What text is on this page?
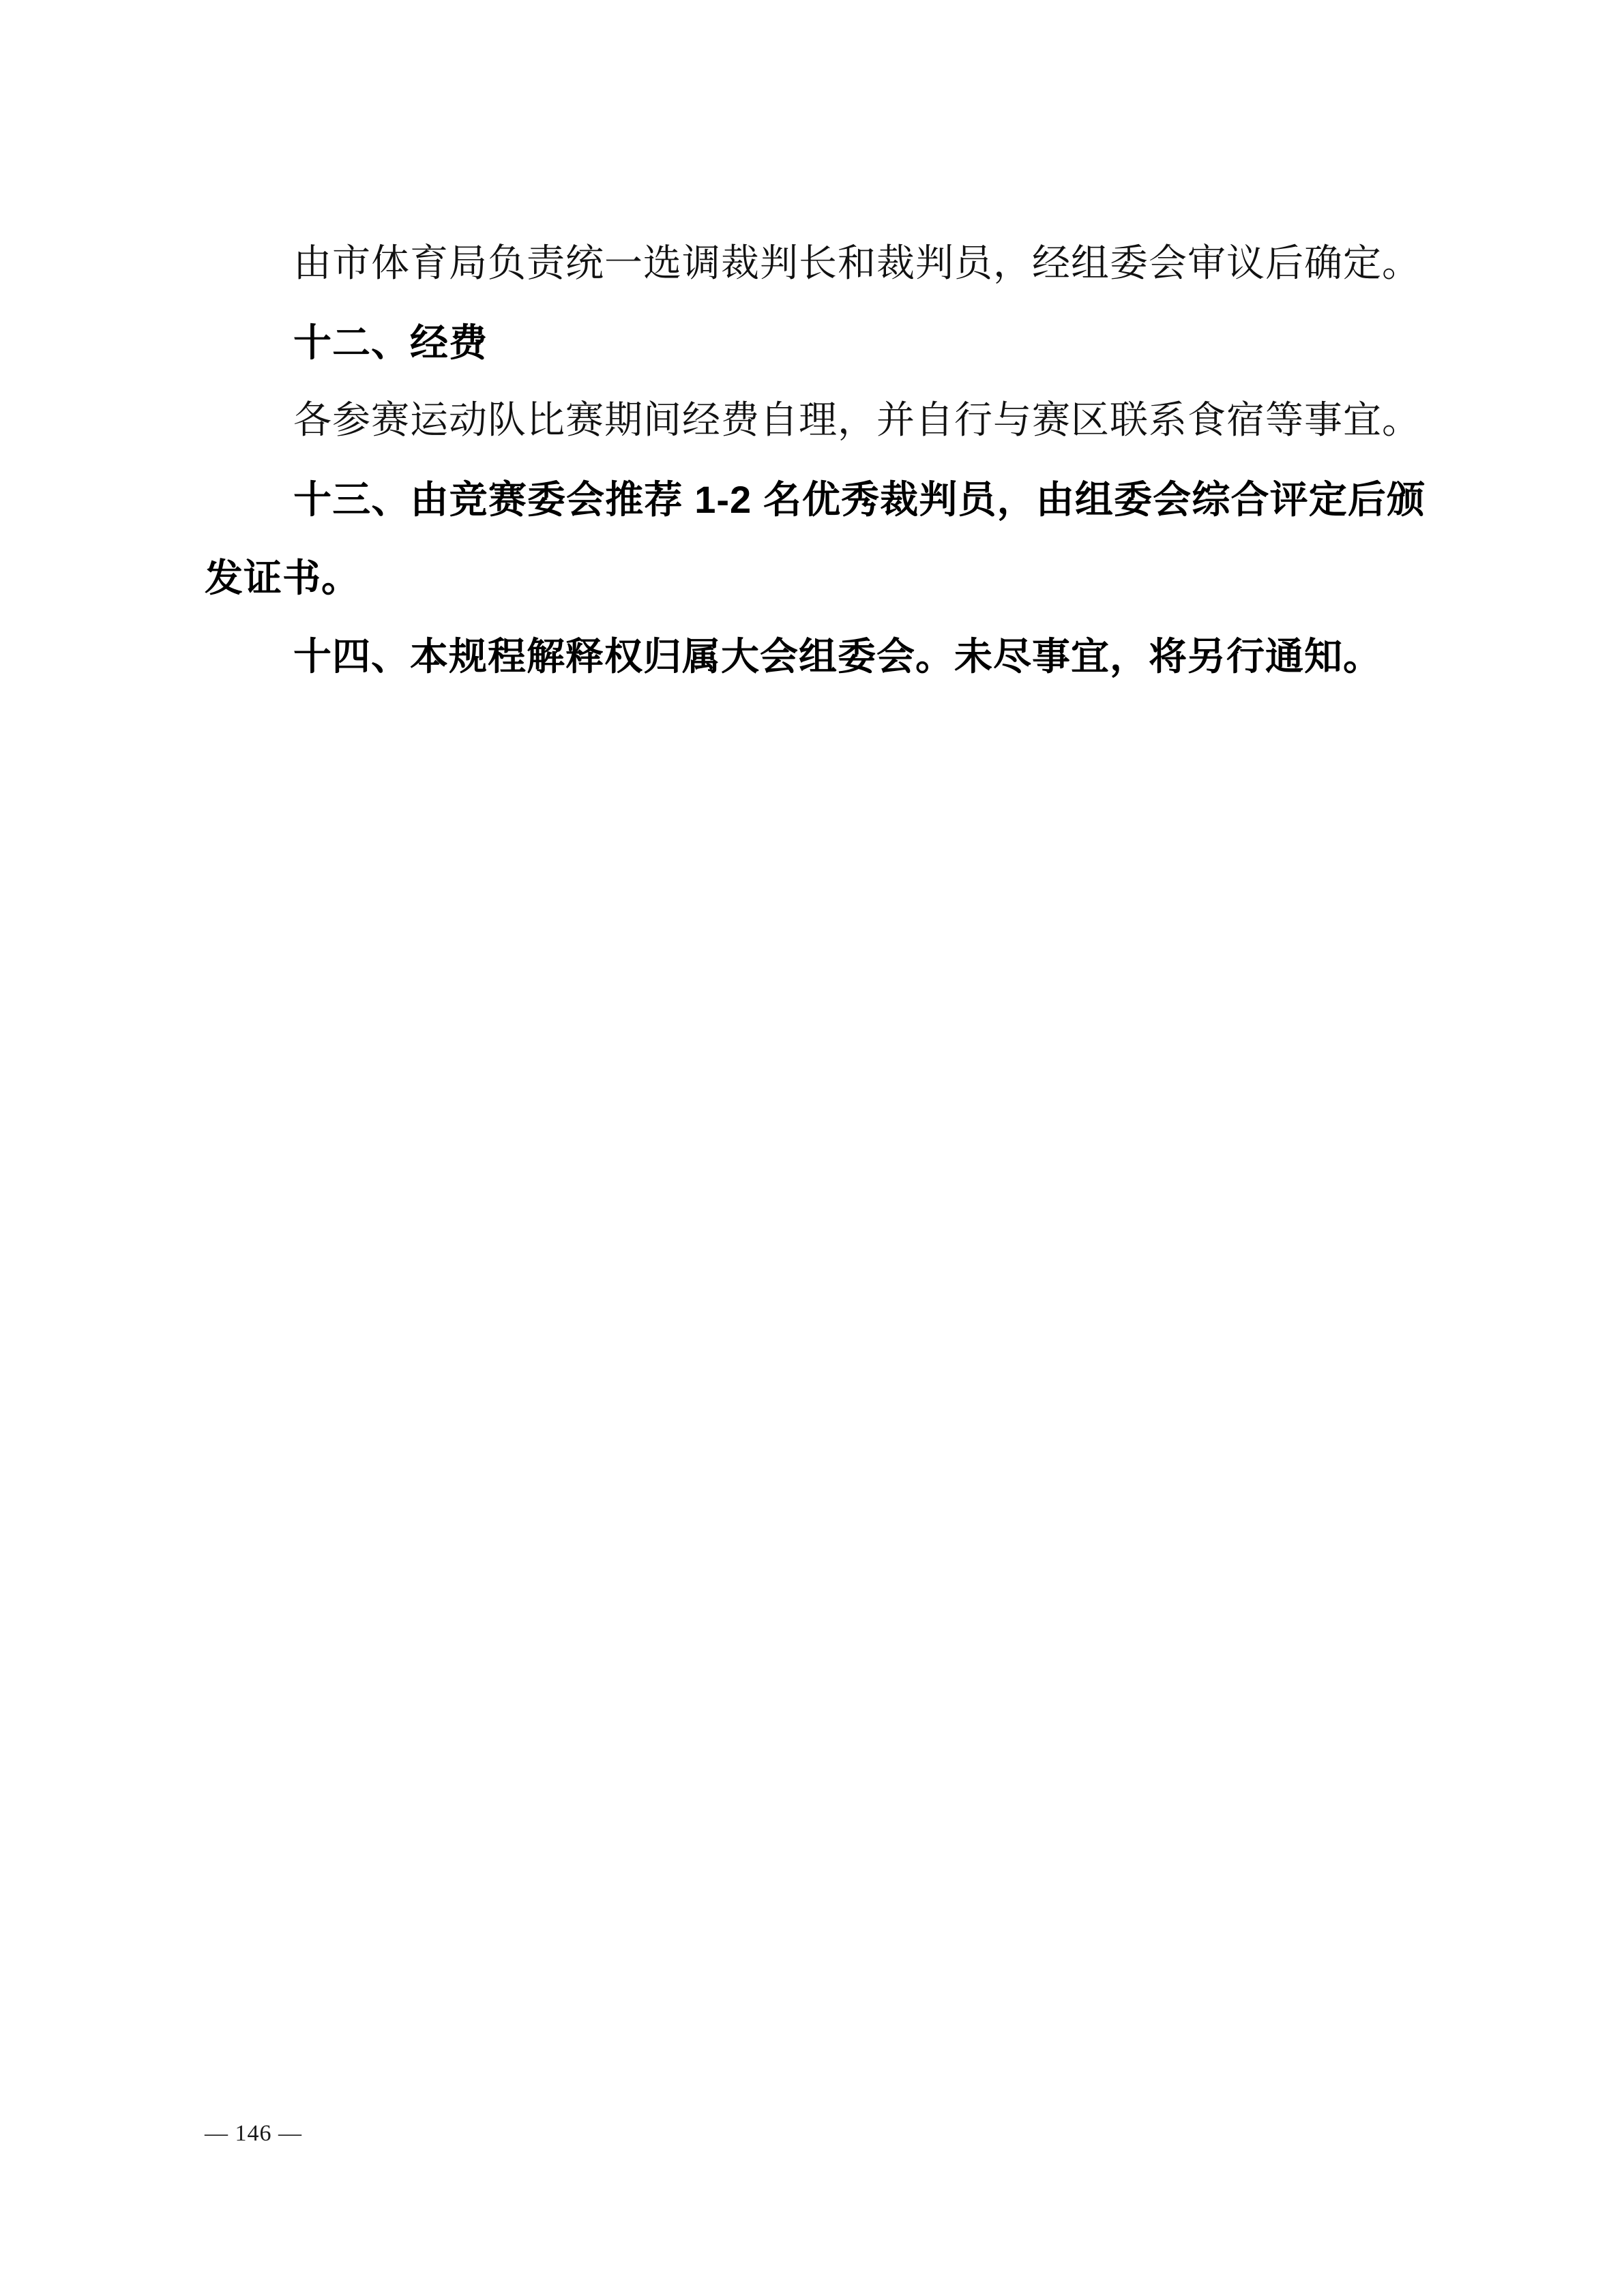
由市体育局负责统一选调裁判长和裁判员，经组委会审议后确定。

十二、经费

各参赛运动队比赛期间经费自理，并自行与赛区联系食宿等事宜。

十三、由竞赛委会推荐 1-2 名优秀裁判员，由组委会综合评定后颁发证书。

十四、本规程解释权归属大会组委会。未尽事宜，将另行通知。

— 146 —
